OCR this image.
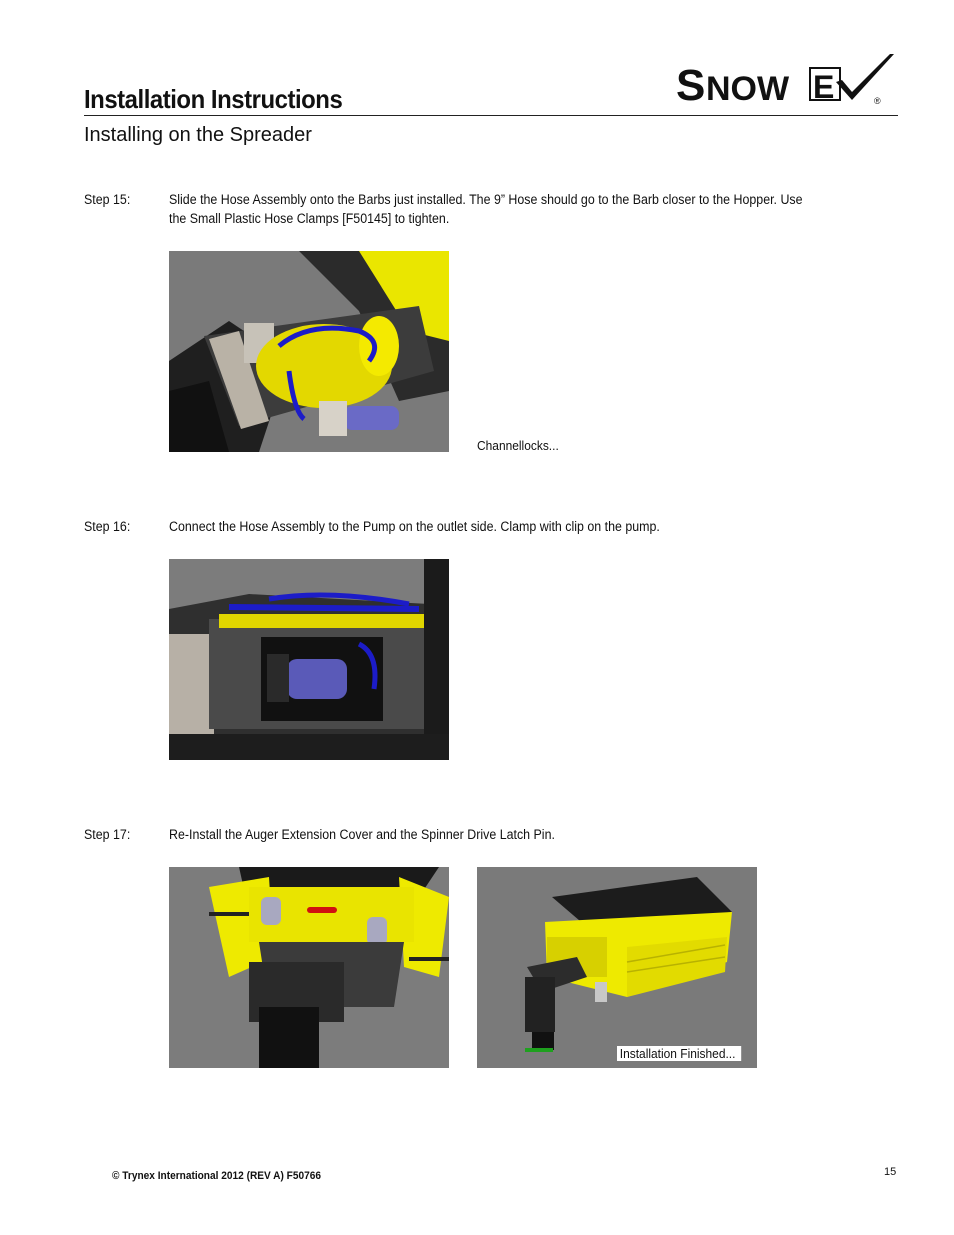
S NOW E	®
Installation Instructions
Installing on the Spreader
Step 15:	Slide the Hose Assembly onto the Barbs just installed. The 9” Hose should go to the Barb closer to the Hopper. Use
the Small Plastic Hose Clamps [F50145] to tighten.
Channellocks...
Step 16:	Connect the Hose Assembly to the Pump on the outlet side. Clamp with clip on the pump.
Step 17:	Re-Install the Auger Extension Cover and the Spinner Drive Latch Pin.
Installation Finished...
© Trynex International 2012 (REV A) F50766	15
